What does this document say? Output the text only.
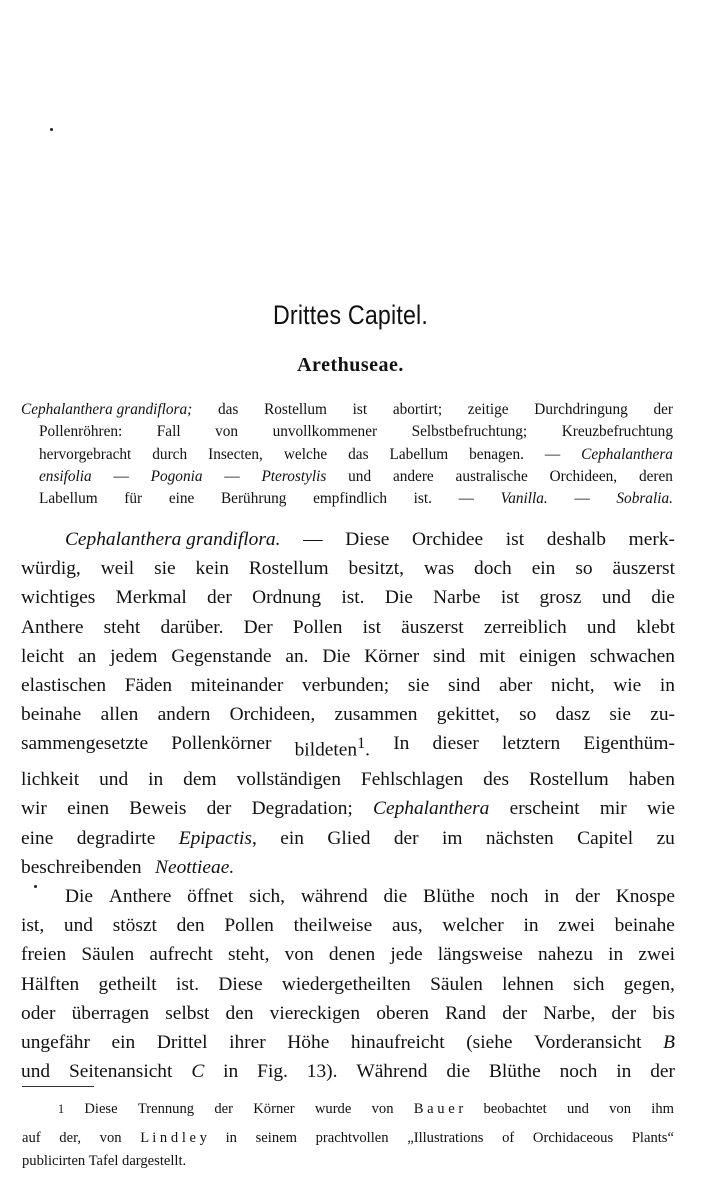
Drittes Capitel.
Arethuseae.
Cephalanthera grandiflora; das Rostellum ist abortirt; zeitige Durchdringung der
Pollenröhren: Fall von unvollkommener Selbstbefruchtung; Kreuzbefruchtung
hervorgebracht durch Insecten, welche das Labellum benagen. — Cephalanthera
ensifolia — Pogonia — Pterostylis und andere australische Orchideen, deren
Labellum für eine Berührung empfindlich ist. — Vanilla. — Sobralia.
Cephalanthera grandiflora. — Diese Orchidee ist deshalb merk-
würdig, weil sie kein Rostellum besitzt, was doch ein so äuszerst
wichtiges Merkmal der Ordnung ist. Die Narbe ist grosz und die
Anthere steht darüber. Der Pollen ist äuszerst zerreiblich und klebt
leicht an jedem Gegenstande an. Die Körner sind mit einigen schwachen
elastischen Fäden miteinander verbunden; sie sind aber nicht, wie in
beinahe allen andern Orchideen, zusammen gekittet, so dasz sie zu-
sammengesetzte Pollenkörner bildeten$^1$. In dieser letztern Eigenthüm-
lichkeit und in dem vollständigen Fehlschlagen des Rostellum haben
wir einen Beweis der Degradation; Cephalanthera erscheint mir wie
eine degradirte Epipactis, ein Glied der im nächsten Capitel zu
beschreibenden Neottieae.
Die Anthere öffnet sich, während die Blüthe noch in der Knospe
ist, und stöszt den Pollen theilweise aus, welcher in zwei beinahe
freien Säulen aufrecht steht, von denen jede längsweise nahezu in zwei
Hälften getheilt ist. Diese wiedergetheilten Säulen lehnen sich gegen,
oder überragen selbst den viereckigen oberen Rand der Narbe, der bis
ungefähr ein Drittel ihrer Höhe hinaufreicht (siehe Vorderansicht B
und Seitenansicht C in Fig. 13). Während die Blüthe noch in der
$^1$ Diese Trennung der Körner wurde von B a u e r beobachtet und von ihm
auf der, von L i n d l e y in seinem prachtvollen „Illustrations of Orchidaceous Plants“
publicirten Tafel dargestellt.
